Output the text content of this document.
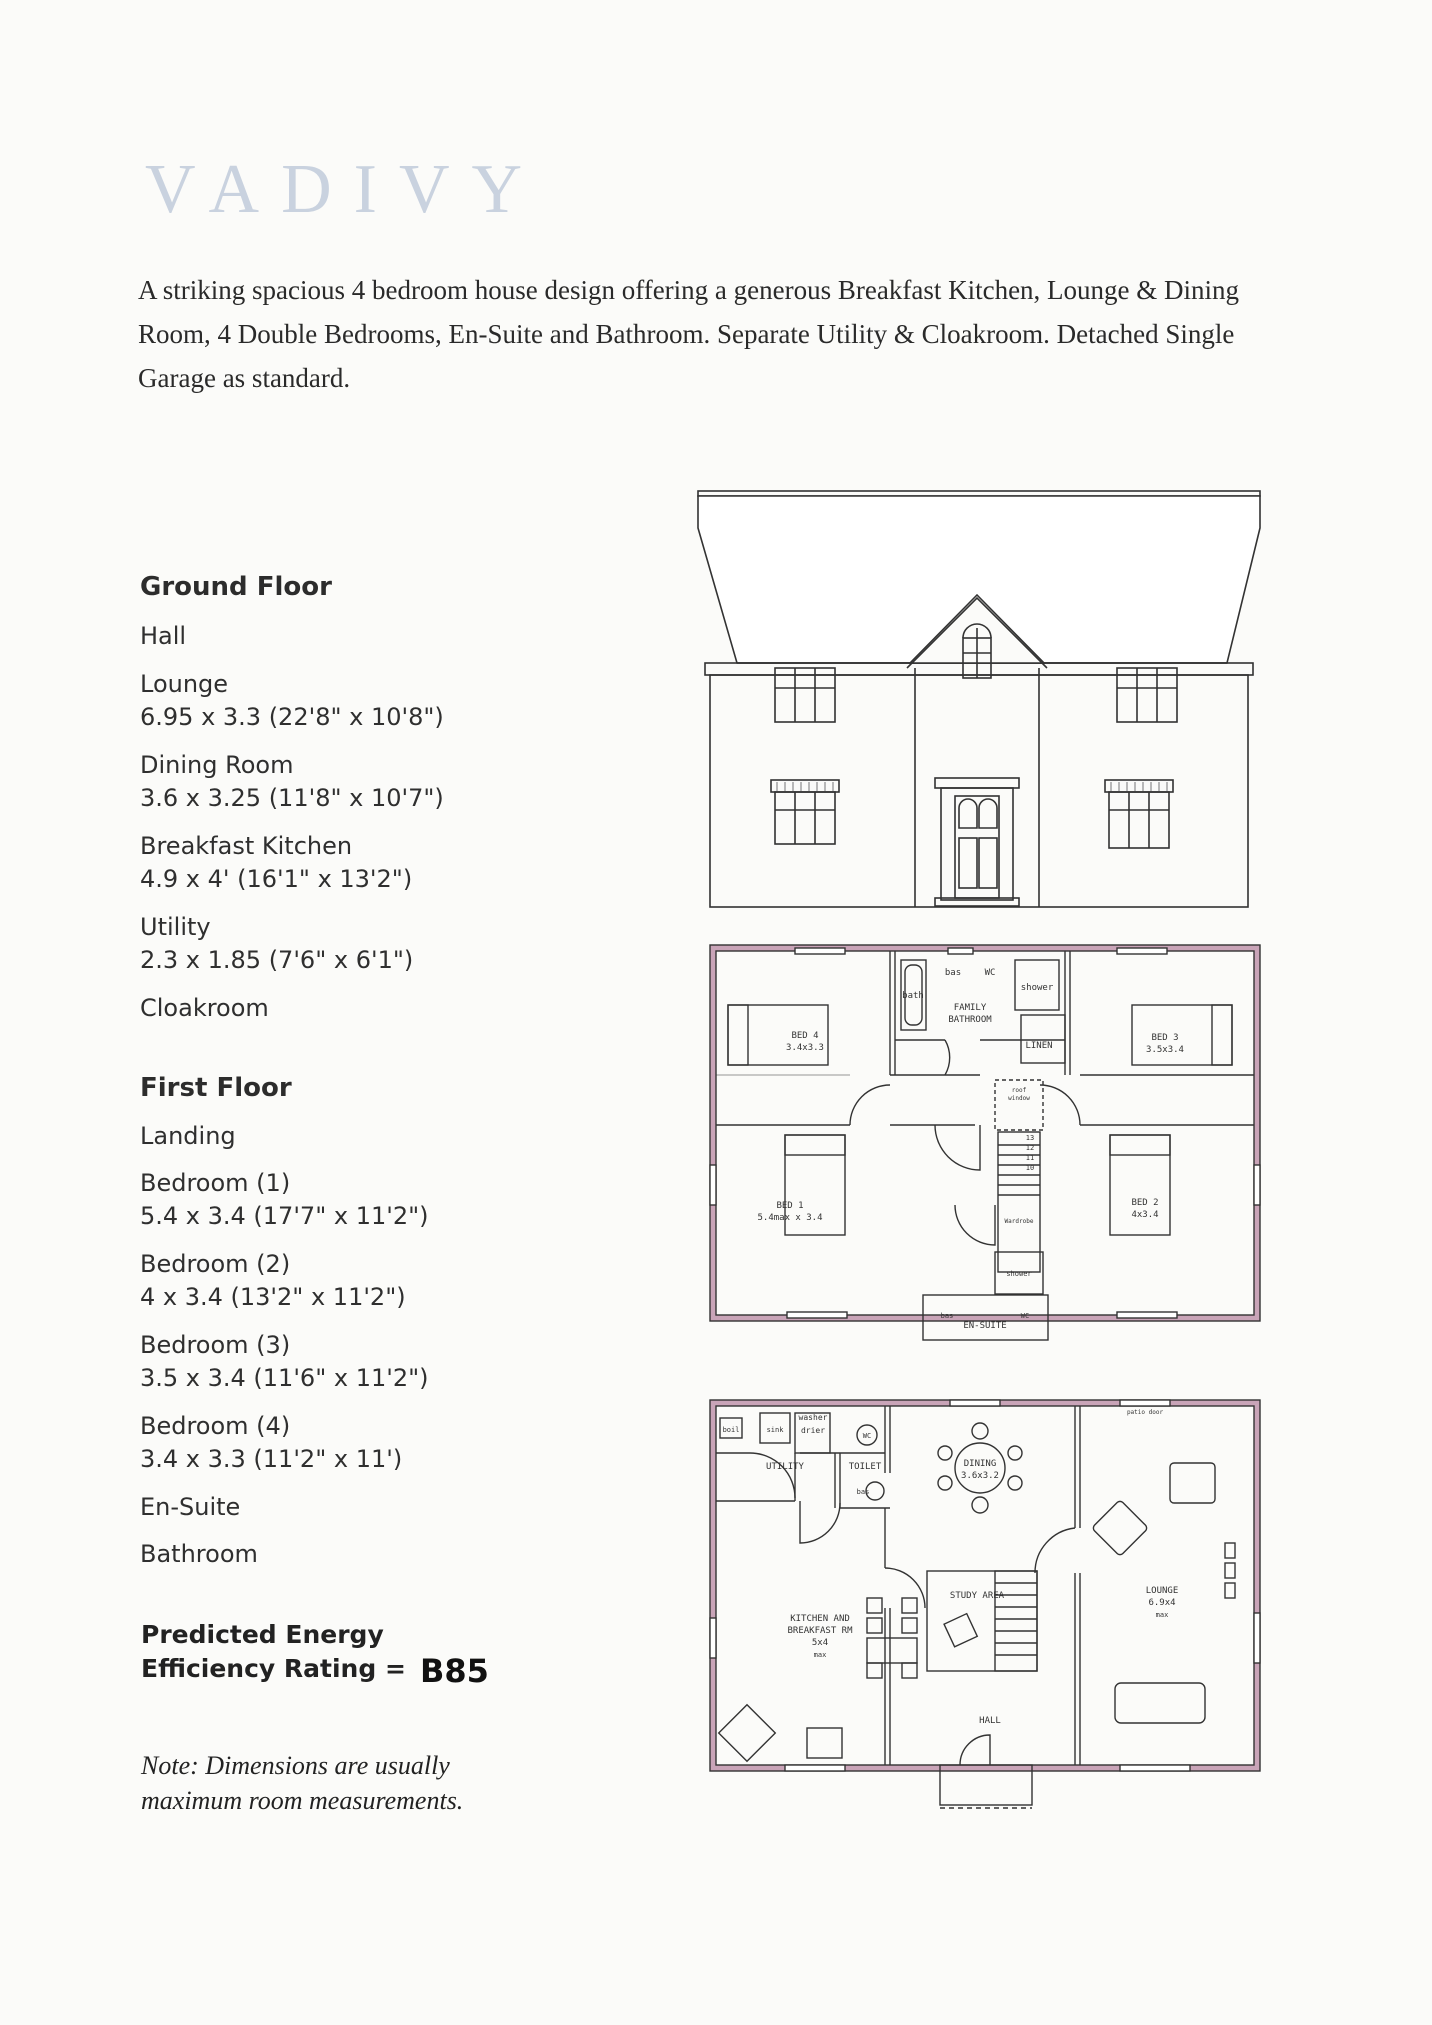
VADIVY
A striking spacious 4 bedroom house design offering a generous Breakfast Kitchen, Lounge & Dining Room, 4 Double Bedrooms, En-Suite and Bathroom. Separate Utility & Cloakroom. Detached Single Garage as standard.
Ground Floor
Hall
Lounge
6.95 x 3.3 (22'8" x 10'8")
Dining Room
3.6 x 3.25 (11'8" x 10'7")
Breakfast Kitchen
4.9 x 4' (16'1" x 13'2")
Utility
2.3 x 1.85 (7'6" x 6'1")
Cloakroom
First Floor
Landing
Bedroom (1)
5.4 x 3.4 (17'7" x 11'2")
Bedroom (2)
4 x 3.4 (13'2" x 11'2")
Bedroom (3)
3.5 x 3.4 (11'6" x 11'2")
Bedroom (4)
3.4 x 3.3 (11'2" x 11')
En-Suite
Bathroom
Predicted Energy
Efficiency Rating = B85
Note: Dimensions are usually
maximum room measurements.
BED 4
3.4x3.3
BED 3
3.5x3.4
BED 1
5.4max x 3.4
BED 2
4x3.4
bath
bas	WC
shower
FAMILY
BATHROOM
LINEN
roof
window
Wardrobe
shower
EN-SUITE
bas	WC
13
12
11
10
boil	sink
washer
drier
UTILITY	TOILET
WC
bas
DINING
3.6x3.2
patio door
LOUNGE
6.9x4
max
STUDY AREA
KITCHEN AND
BREAKFAST RM
5x4
max
HALL
